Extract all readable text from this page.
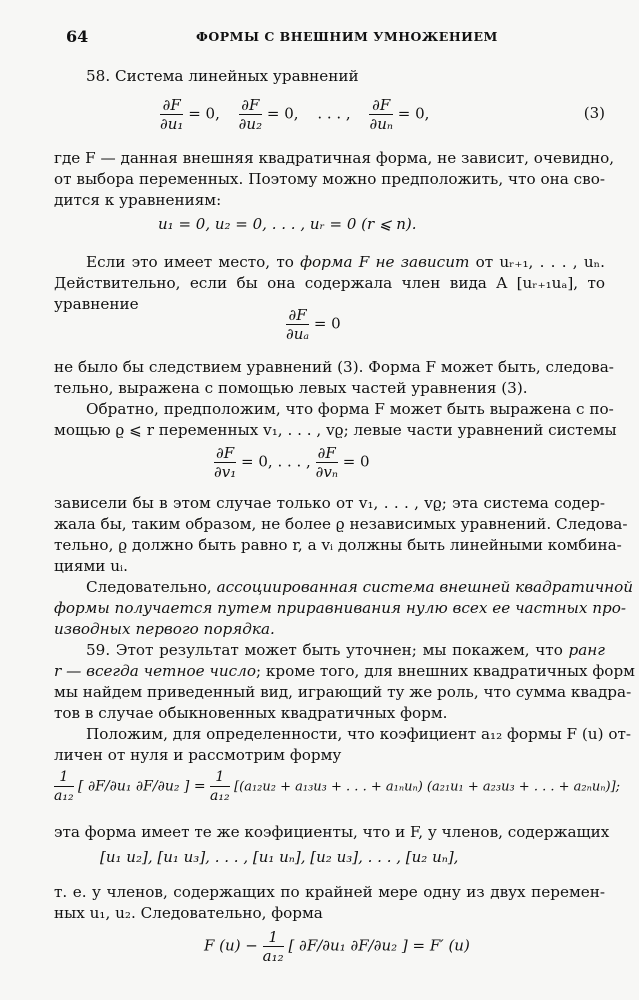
64	ФОРМЫ С ВНЕШНИМ УМНОЖЕНИЕМ
58. Система линейных уравнений
$\frac{\partial F}{\text{∂u₁}} = 0$, $\frac{\partial F}{\text{∂u₂}} = 0$, . . . , $\frac{\partial F}{\text{∂uₙ}} = 0$,	(3)
где F — данная внешняя квадратичная форма, не зависит, очевидно,
от выбора переменных. Поэтому можно предположить, что она сво-
дится к уравнениям:
u₁ = 0, u₂ = 0, . . . , uᵣ = 0 (r ⩽ n).
Если это имеет место, то форма F не зависит от uᵣ₊₁, . . . , uₙ.
Действительно, если бы она содержала член вида A [uᵣ₊₁uₐ], то
уравнение
$\frac{\partial F}{\text{∂uₐ}} = 0$
не было бы следствием уравнений (3). Форма F может быть, следова-
тельно, выражена с помощью левых частей уравнения (3).
Обратно, предположим, что форма F может быть выражена с по-
мощью ϱ ⩽ r переменных v₁, . . . , vϱ; левые части уравнений системы
$\frac{\partial F}{\text{∂v₁}} = 0$, . . . , $\frac{\partial F}{\text{∂vₙ}} = 0$
зависели бы в этом случае только от v₁, . . . , vϱ; эта система содер-
жала бы, таким образом, не более ϱ независимых уравнений. Следова-
тельно, ϱ должно быть равно r, а vᵢ должны быть линейными комбина-
циями uᵢ.
Следовательно, ассоциированная система внешней квадратичной
формы получается путем приравнивания нулю всех ее частных про-
изводных первого порядка.
59. Этот результат может быть уточнен; мы покажем, что ранг
r — всегда четное число; кроме того, для внешних квадратичных форм
мы найдем приведенный вид, играющий ту же роль, что сумма квадра-
тов в случае обыкновенных квадратичных форм.
Положим, для определенности, что коэфициент a₁₂ формы F (u) от-
личен от нуля и рассмотрим форму
$\frac{1}{\text{a₁₂}}$ [ ∂F/∂u₁ ∂F/∂u₂ ] = $\frac{1}{\text{a₁₂}} [(a_{12}u_2 + a_{13}u_3$ + . . . + a₁ₙuₙ) (a₂₁u₁ + a₂₃u₃ + . . . + a₂ₙuₙ)];
эта форма имеет те же коэфициенты, что и F, у членов, содержащих
[u₁ u₂], [u₁ u₃], . . . , [u₁ uₙ], [u₂ u₃], . . . , [u₂ uₙ],
т. е. у членов, содержащих по крайней мере одну из двух перемен-
ных u₁, u₂. Следовательно, форма
F $(u) - \frac{1}{\text{a₁₂}}$ [ ∂F/∂u₁ ∂F/∂u₂ ] = F′ (u)
